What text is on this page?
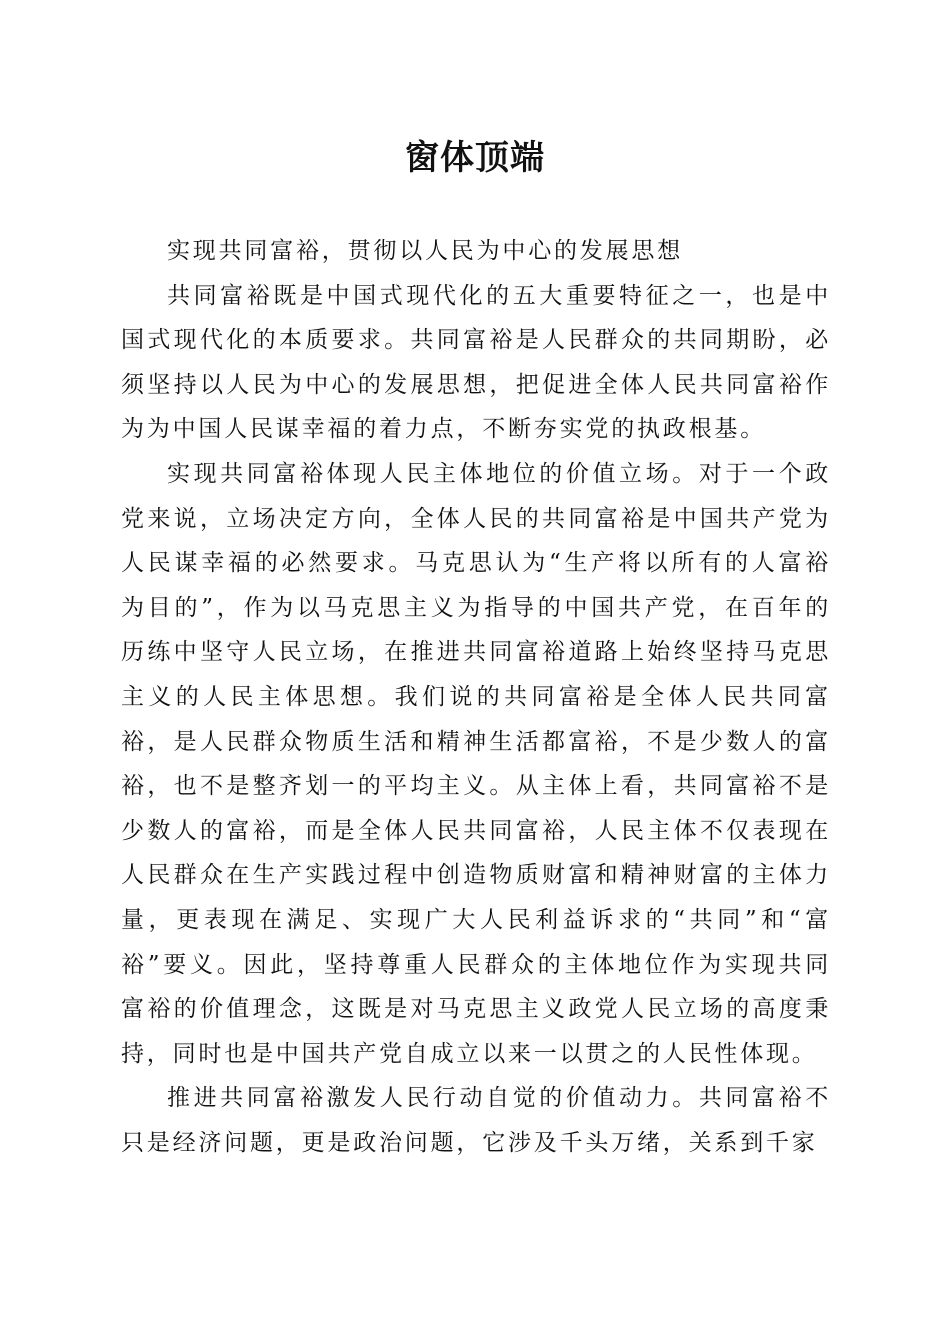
窗体顶端

实现共同富裕，贯彻以人民为中心的发展思想

共同富裕既是中国式现代化的五大重要特征之一，也是中国式现代化的本质要求。共同富裕是人民群众的共同期盼，必须坚持以人民为中心的发展思想，把促进全体人民共同富裕作为为中国人民谋幸福的着力点，不断夯实党的执政根基。

实现共同富裕体现人民主体地位的价值立场。对于一个政党来说，立场决定方向，全体人民的共同富裕是中国共产党为人民谋幸福的必然要求。马克思认为“生产将以所有的人富裕为目的”，作为以马克思主义为指导的中国共产党，在百年的历练中坚守人民立场，在推进共同富裕道路上始终坚持马克思主义的人民主体思想。我们说的共同富裕是全体人民共同富裕，是人民群众物质生活和精神生活都富裕，不是少数人的富裕，也不是整齐划一的平均主义。从主体上看，共同富裕不是少数人的富裕，而是全体人民共同富裕，人民主体不仅表现在人民群众在生产实践过程中创造物质财富和精神财富的主体力量，更表现在满足、实现广大人民利益诉求的“共同”和“富裕”要义。因此，坚持尊重人民群众的主体地位作为实现共同富裕的价值理念，这既是对马克思主义政党人民立场的高度秉持，同时也是中国共产党自成立以来一以贯之的人民性体现。

推进共同富裕激发人民行动自觉的价值动力。共同富裕不只是经济问题，更是政治问题，它涉及千头万绪，关系到千家
